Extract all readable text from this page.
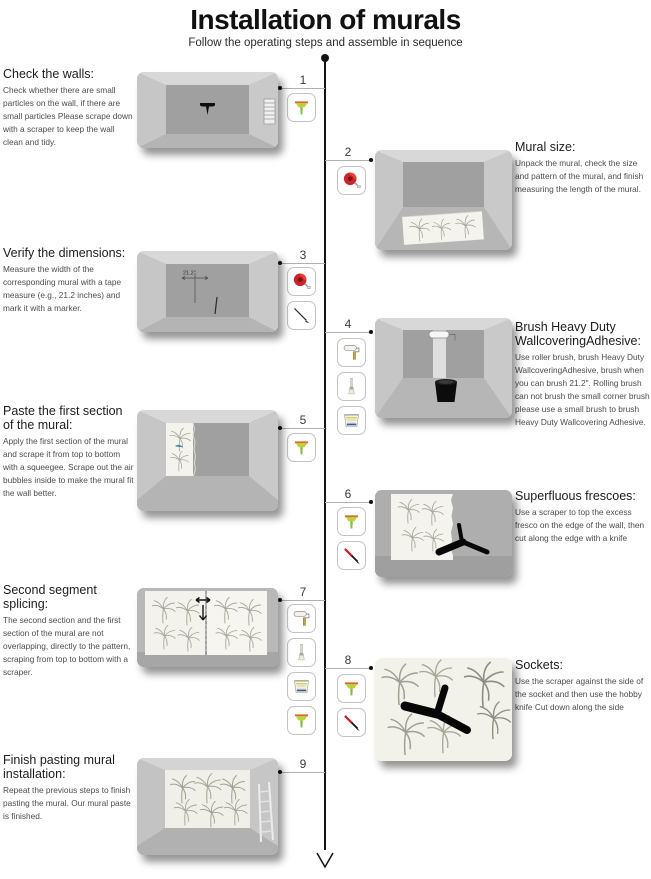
Installation of murals
Follow the operating steps and assemble in sequence
Check the walls:

Check whether there are small particles on the wall, if there are small particles Please scrape down with a scraper to keep the wall clean and tidy.

1
Mural size:

Unpack the mural, check the size and pattern of the mural, and finish measuring the length of the mural.

2
Verify the dimensions:

Measure the width of the corresponding mural with a tape measure (e.g., 21.2 inches) and mark it with a marker.

3
21.2"
Brush Heavy Duty WallcoveringAdhesive:

Use roller brush, brush Heavy Duty WallcoveringAdhesive, brush when you can brush 21.2". Rolling brush can not brush the small corner brush please use a small brush to brush Heavy Duty Wallcovering Adhesive.

4
Paste the first section of the mural:

Apply the first section of the mural and scrape it from top to bottom with a squeegee. Scrape out the air bubbles inside to make the mural fit the wall better.

5
Superfluous frescoes:

Use a scraper to top the excess fresco on the edge of the wall, then cut along the edge with a knife

6
Second segment splicing:

The second section and the first section of the mural are not overlapping, directly to the pattern, scraping from top to bottom with a scraper.

7
Sockets:

Use the scraper against the side of the socket and then use the hobby knife Cut down along the side

8
Finish pasting mural installation:

Repeat the previous steps to finish pasting the mural. Our mural paste is finished.

9
